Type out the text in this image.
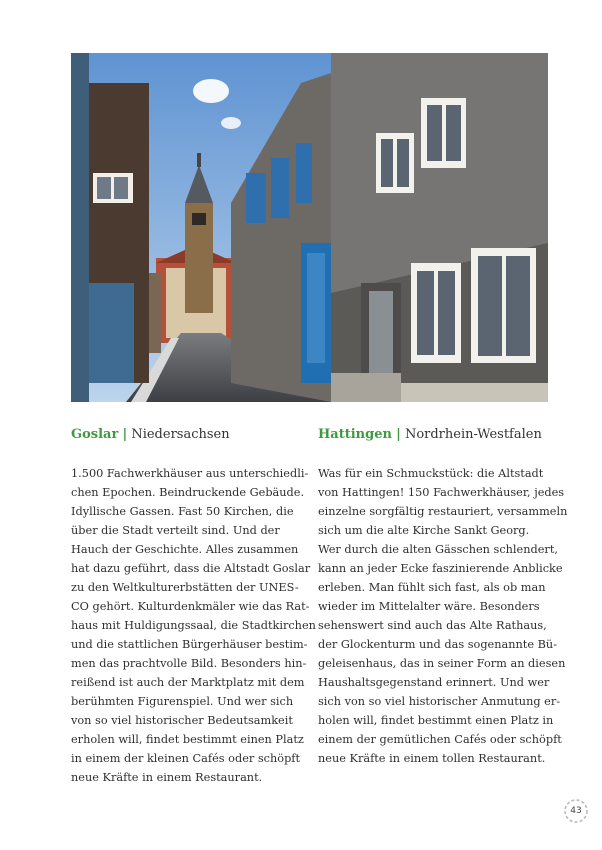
Goslar | Niedersachsen

1.500 Fachwerkhäuser aus unterschiedli-

chen Epochen. Beindruckende Gebäude.

Idyllische Gassen. Fast 50 Kirchen, die

über die Stadt verteilt sind. Und der

Hauch der Geschichte. Alles zusammen

hat dazu geführt, dass die Altstadt Goslar

zu den Weltkulturerbstätten der UNES-

CO gehört. Kulturdenkmäler wie das Rat-

haus mit Huldigungssaal, die Stadtkirchen

und die stattlichen Bürgerhäuser bestim-

men das prachtvolle Bild. Besonders hin-

reißend ist auch der Marktplatz mit dem

berühmten Figurenspiel. Und wer sich

von so viel historischer Bedeutsamkeit

erholen will, findet bestimmt einen Platz

in einem der kleinen Cafés oder schöpft

neue Kräfte in einem Restaurant.

Hattingen | Nordrhein-Westfalen

Was für ein Schmuckstück: die Altstadt

von Hattingen! 150 Fachwerkhäuser, jedes

einzelne sorgfältig restauriert, versammeln

sich um die alte Kirche Sankt Georg.

Wer durch die alten Gässchen schlendert,

kann an jeder Ecke faszinierende Anblicke

erleben. Man fühlt sich fast, als ob man

wieder im Mittelalter wäre. Besonders

sehenswert sind auch das Alte Rathaus,

der Glockenturm und das sogenannte Bü-

geleisenhaus, das in seiner Form an diesen

Haushaltsgegenstand erinnert. Und wer

sich von so viel historischer Anmutung er-

holen will, findet bestimmt einen Platz in

einem der gemütlichen Cafés oder schöpft

neue Kräfte in einem tollen Restaurant.

43
